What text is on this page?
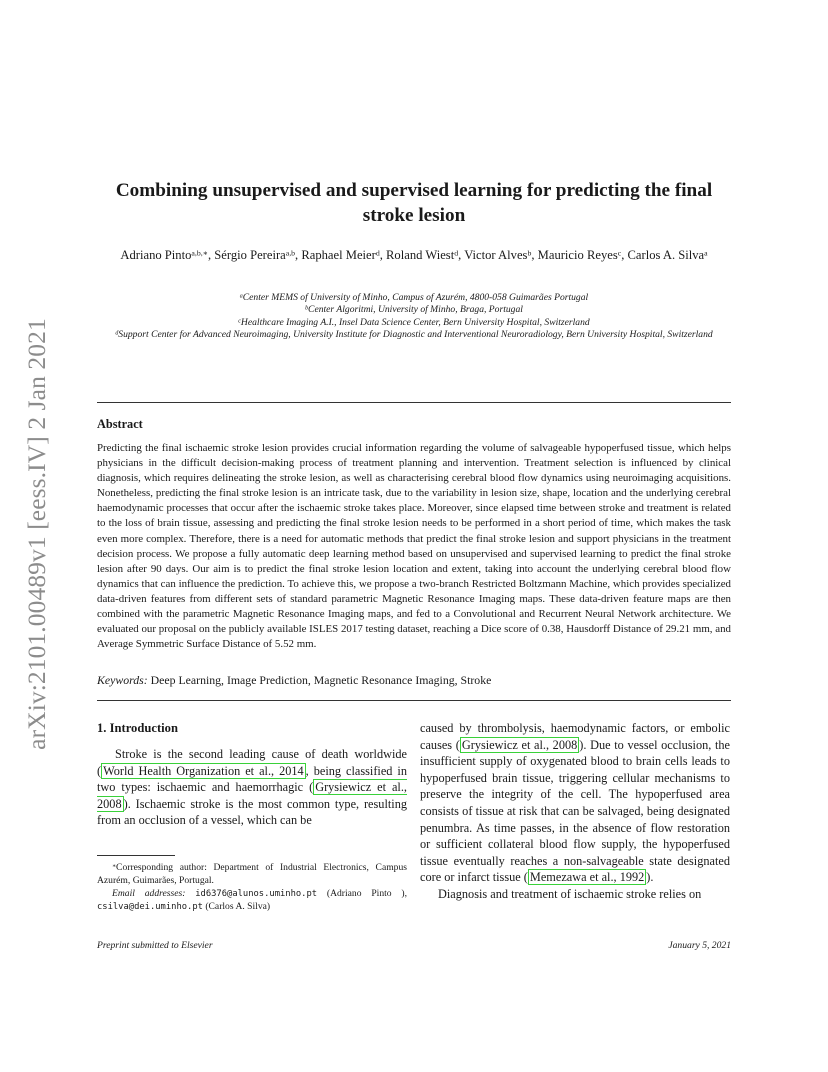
arXiv:2101.00489v1 [eess.IV] 2 Jan 2021
Combining unsupervised and supervised learning for predicting the final stroke lesion

Adriano Pinto$^{a,b,∗}$, Sérgio Pereira$^{a,b}$, Raphael Meier$^d$, Roland Wiest$^d$, Victor Alves$^b$, Mauricio Reyes$^c$, Carlos A. Silva$^a$

$^a$Center MEMS of University of Minho, Campus of Azurém, 4800-058 Guimarães Portugal
$^b$Center Algoritmi, University of Minho, Braga, Portugal
$^c$Healthcare Imaging A.I., Insel Data Science Center, Bern University Hospital, Switzerland
$^d$Support Center for Advanced Neuroimaging, University Institute for Diagnostic and Interventional Neuroradiology, Bern University Hospital, Switzerland
Abstract

Predicting the final ischaemic stroke lesion provides crucial information regarding the volume of salvageable hypoperfused tissue, which helps physicians in the difficult decision-making process of treatment planning and intervention. Treatment selection is influenced by clinical diagnosis, which requires delineating the stroke lesion, as well as characterising cerebral blood flow dynamics using neuroimaging acquisitions. Nonetheless, predicting the final stroke lesion is an intricate task, due to the variability in lesion size, shape, location and the underlying cerebral haemodynamic processes that occur after the ischaemic stroke takes place. Moreover, since elapsed time between stroke and treatment is related to the loss of brain tissue, assessing and predicting the final stroke lesion needs to be performed in a short period of time, which makes the task even more complex. Therefore, there is a need for automatic methods that predict the final stroke lesion and support physicians in the treatment decision process. We propose a fully automatic deep learning method based on unsupervised and supervised learning to predict the final stroke lesion after 90 days. Our aim is to predict the final stroke lesion location and extent, taking into account the underlying cerebral blood flow dynamics that can influence the prediction. To achieve this, we propose a two-branch Restricted Boltzmann Machine, which provides specialized data-driven features from different sets of standard parametric Magnetic Resonance Imaging maps. These data-driven feature maps are then combined with the parametric Magnetic Resonance Imaging maps, and fed to a Convolutional and Recurrent Neural Network architecture. We evaluated our proposal on the publicly available ISLES 2017 testing dataset, reaching a Dice score of 0.38, Hausdorff Distance of 29.21 mm, and Average Symmetric Surface Distance of 5.52 mm.

Keywords: Deep Learning, Image Prediction, Magnetic Resonance Imaging, Stroke

1. Introduction

Stroke is the second leading cause of death worldwide ( World Health Organization et al., 2014 , being classified in two types: ischaemic and haemorrhagic ( Grysiewicz et al., 2008 ). Ischaemic stroke is the most common type, resulting from an occlusion of a vessel, which can be

caused by thrombolysis, haemodynamic factors, or embolic causes ( Grysiewicz et al., 2008 ). Due to vessel occlusion, the insufficient supply of oxygenated blood to brain cells leads to hypoperfused brain tissue, triggering cellular mechanisms to preserve the integrity of the cell. The hypoperfused area consists of tissue at risk that can be salvaged, being designated penumbra. As time passes, in the absence of flow restoration or sufficient collateral blood flow supply, the hypoperfused tissue eventually reaches a non-salvageable state designated core or infarct tissue ( Memezawa et al., 1992 ).

Diagnosis and treatment of ischaemic stroke relies on

∗Corresponding author: Department of Industrial Electronics, Campus Azurém, Guimarães, Portugal.

Email addresses: id6376@alunos.uminho.pt (Adriano Pinto ), csilva@dei.uminho.pt (Carlos A. Silva)

Preprint submitted to Elsevier	January 5, 2021
